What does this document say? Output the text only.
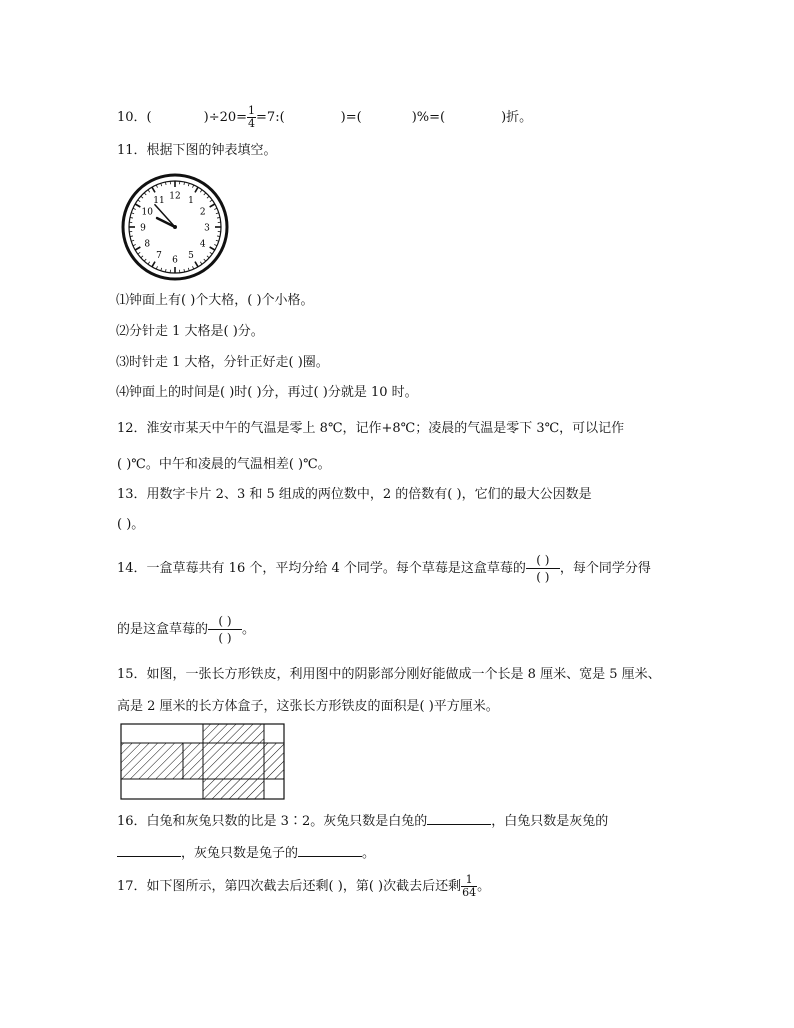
10．(	)$\div 20= \frac{1}{4}$ =7:(	)=(	)%=(	)折。
11．根据下图的钟表填空。
12 1
2
3
4
5
6
7
8
9
10
11
⑴钟面上有( )个大格，( )个小格。
⑵分针走 1 大格是( )分。
⑶时针走 1 大格，分针正好走( )圈。
⑷钟面上的时间是( )时( )分，再过( )分就是 10 时。
12．淮安市某天中午的气温是零上 8℃，记作+8℃；凌晨的气温是零下 3℃，可以记作
( )℃。中午和凌晨的气温相差( )℃。
13．用数字卡片 2、3 和 5 组成的两位数中，2 的倍数有( )，它们的最大公因数是
( )。
14．一盒草莓共有 16 个，平均分给 4 个同学。每个草莓是这盒草莓的 $\frac{( )}{( )}$ ，每个同学分得
的是这盒草莓的 $\frac{( )}{( )}$ 。
15．如图，一张长方形铁皮，利用图中的阴影部分刚好能做成一个长是 8 厘米、宽是 5 厘米、
高是 2 厘米的长方体盒子，这张长方形铁皮的面积是( )平方厘米。
16．白兔和灰兔只数的比是 3∶2。灰兔只数是白兔的	，白兔只数是灰兔的
，灰兔只数是兔子的	。
17．如下图所示，第四次截去后还剩( )，第( )次截去后还剩 $\frac{1}{64}$ 。
